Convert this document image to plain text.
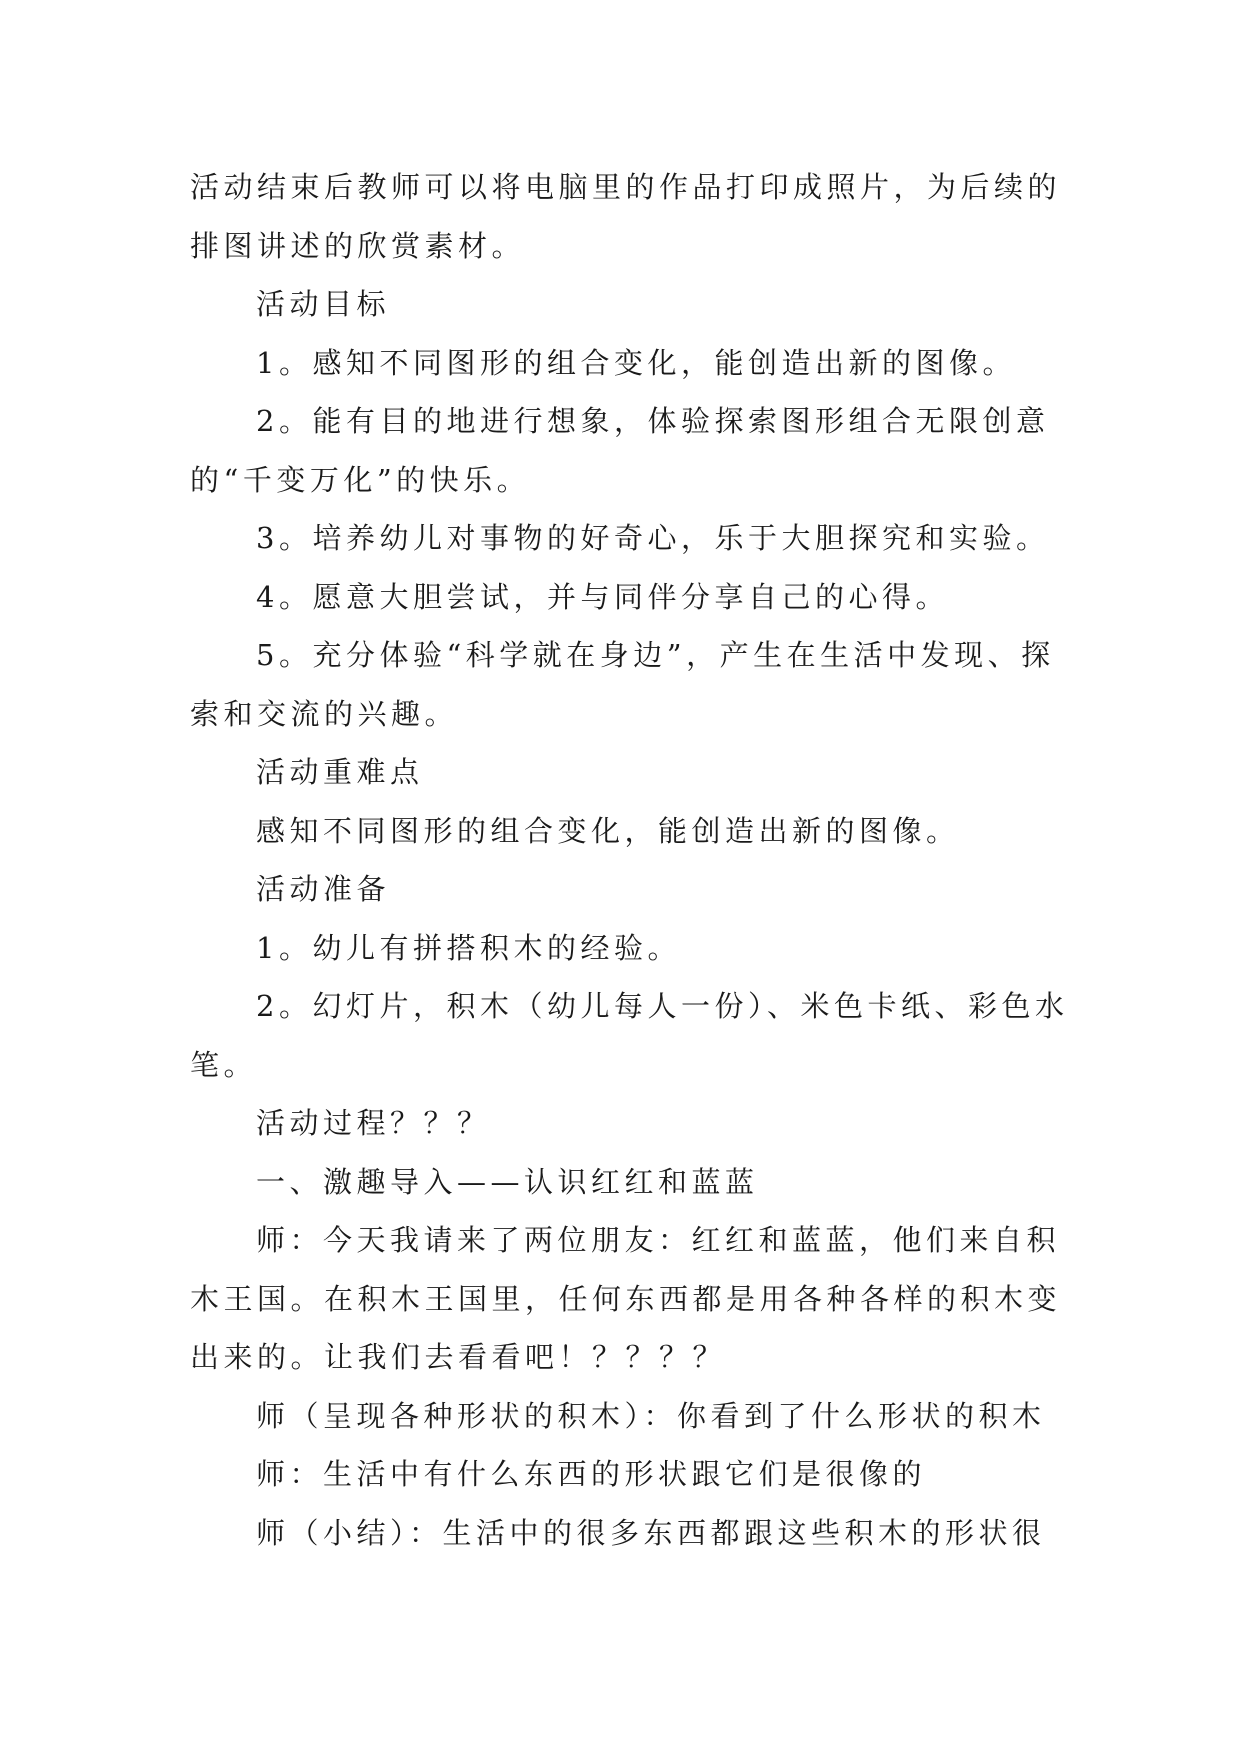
活动结束后教师可以将电脑里的作品打印成照片，为后续的

排图讲述的欣赏素材。

活动目标

1。感知不同图形的组合变化，能创造出新的图像。

2。能有目的地进行想象，体验探索图形组合无限创意

的“千变万化”的快乐。

3。培养幼儿对事物的好奇心，乐于大胆探究和实验。

4。愿意大胆尝试，并与同伴分享自己的心得。

5。充分体验“科学就在身边”，产生在生活中发现、探

索和交流的兴趣。

活动重难点

感知不同图形的组合变化，能创造出新的图像。

活动准备

1。幼儿有拼搭积木的经验。

2。幻灯片，积木（幼儿每人一份）、米色卡纸、彩色水

笔。

活动过程？？？

一、激趣导入——认识红红和蓝蓝

师：今天我请来了两位朋友：红红和蓝蓝，他们来自积

木王国。在积木王国里，任何东西都是用各种各样的积木变

出来的。让我们去看看吧！？？？？

师（呈现各种形状的积木）：你看到了什么形状的积木

师：生活中有什么东西的形状跟它们是很像的

师（小结）：生活中的很多东西都跟这些积木的形状很
